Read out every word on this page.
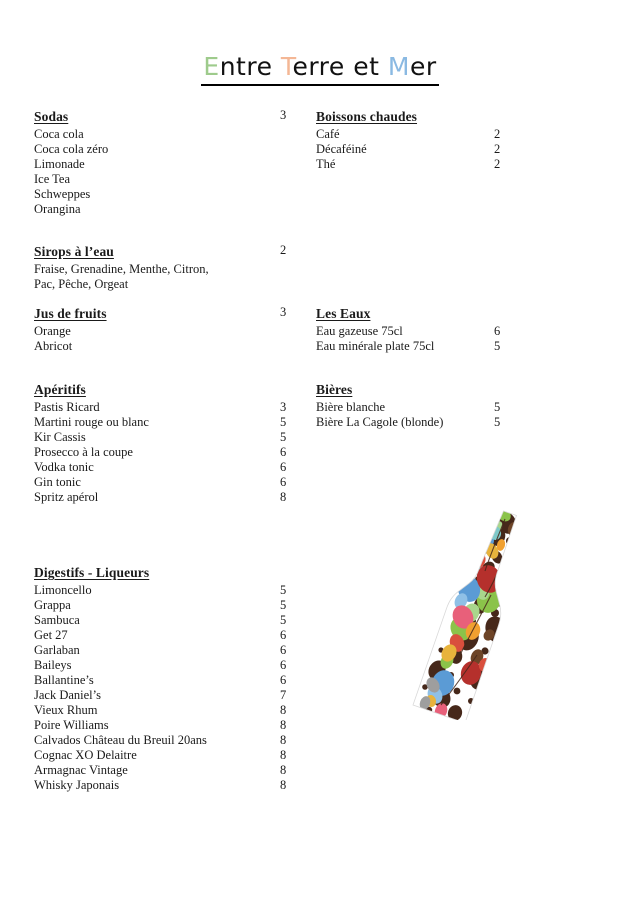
Entre Terre et Mer
Sodas	3
Coca cola
Coca cola zéro
Limonade
Ice Tea
Schweppes
Orangina
Sirops à l’eau	2
Fraise, Grenadine, Menthe, Citron,
Pac, Pêche, Orgeat
Jus de fruits	3
Orange
Abricot
Apéritifs
Pastis Ricard	3
Martini rouge ou blanc	5
Kir Cassis	5
Prosecco à la coupe	6
Vodka tonic	6
Gin tonic	6
Spritz apérol	8
Digestifs - Liqueurs
Limoncello	5
Grappa	5
Sambuca	5
Get 27	6
Garlaban	6
Baileys	6
Ballantine’s	6
Jack Daniel’s	7
Vieux Rhum	8
Poire Williams	8
Calvados Château du Breuil 20ans	8
Cognac XO Delaitre	8
Armagnac Vintage	8
Whisky Japonais	8
Boissons chaudes
Café	2
Décaféiné	2
Thé	2
Les Eaux
Eau gazeuse 75cl	6
Eau minérale plate 75cl	5
Bières
Bière blanche	5
Bière La Cagole (blonde)	5
